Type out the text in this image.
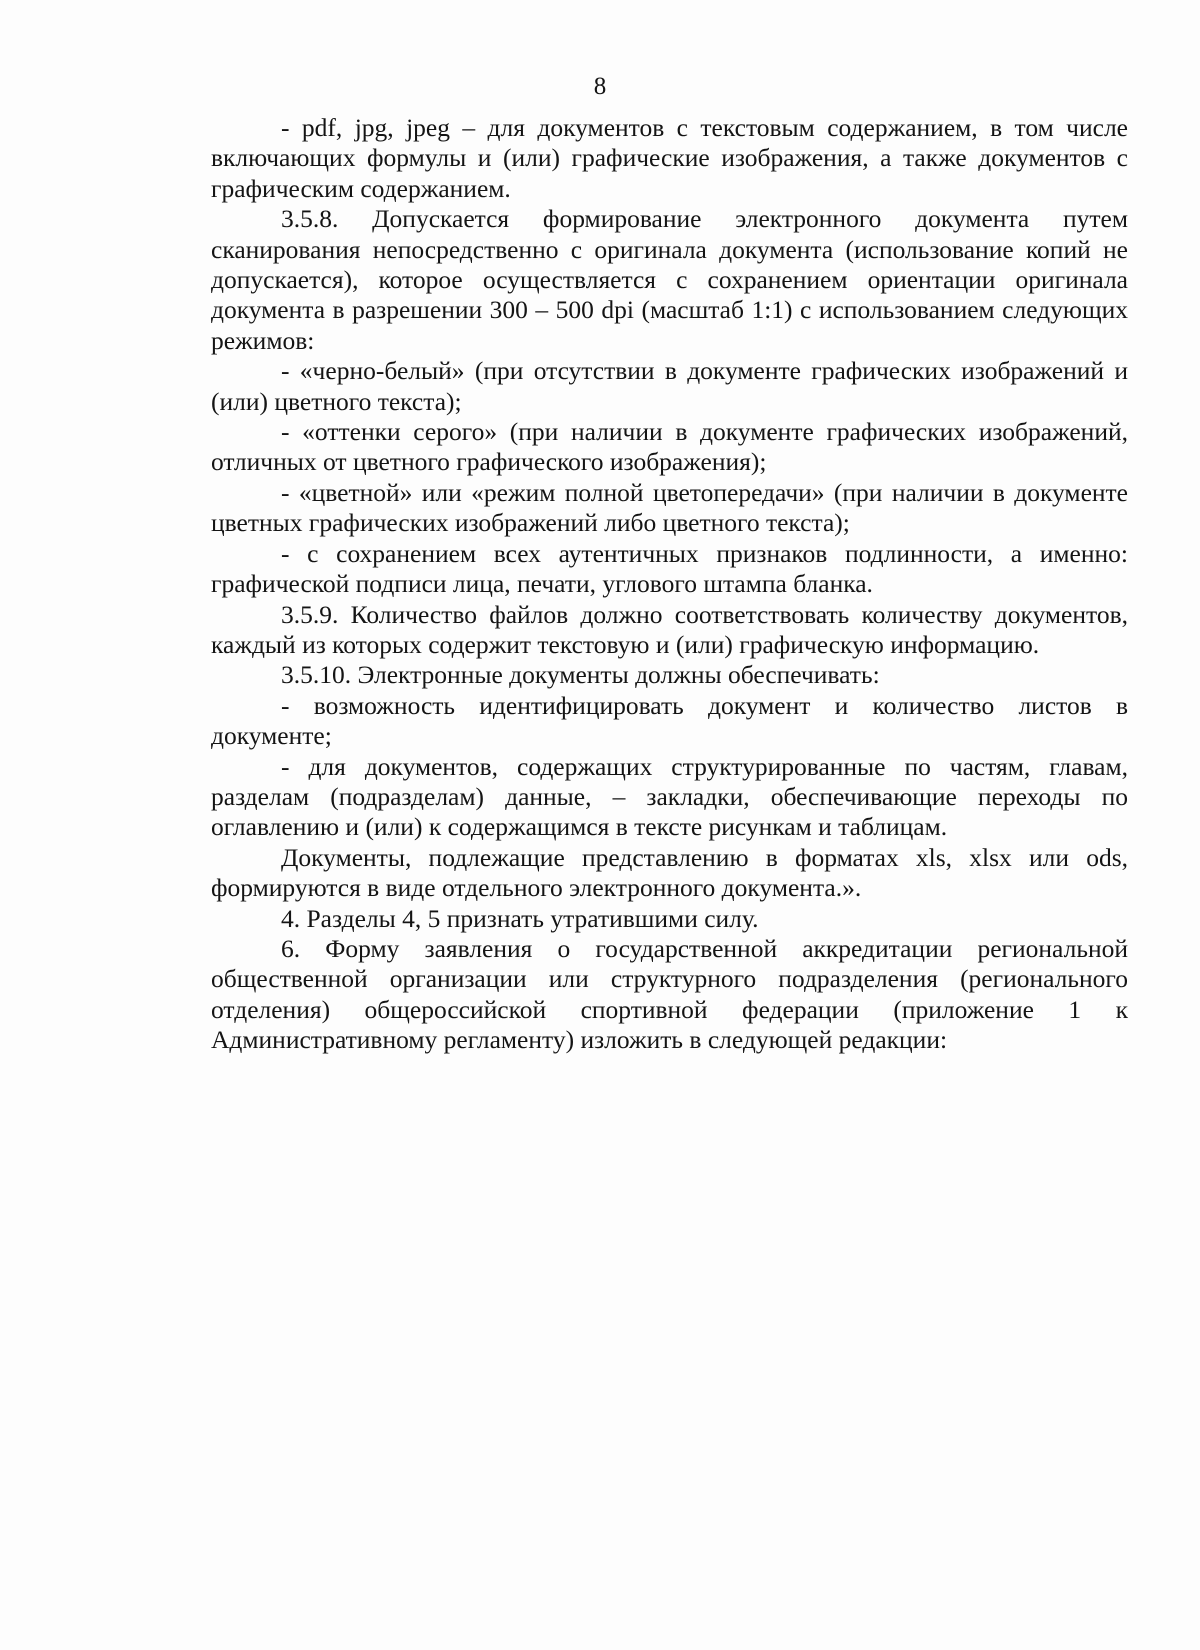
8

- pdf, jpg, jpeg – для документов с текстовым содержанием, в том числе включающих формулы и (или) графические изображения, а также документов с графическим содержанием.

3.5.8. Допускается формирование электронного документа путем сканирования непосредственно с оригинала документа (использование копий не допускается), которое осуществляется с сохранением ориентации оригинала документа в разрешении 300 – 500 dpi (масштаб 1:1) с использованием следующих режимов:

- «черно-белый» (при отсутствии в документе графических изображений и (или) цветного текста);

- «оттенки серого» (при наличии в документе графических изображений, отличных от цветного графического изображения);

- «цветной» или «режим полной цветопередачи» (при наличии в документе цветных графических изображений либо цветного текста);

- с сохранением всех аутентичных признаков подлинности, а именно: графической подписи лица, печати, углового штампа бланка.

3.5.9. Количество файлов должно соответствовать количеству документов, каждый из которых содержит текстовую и (или) графическую информацию.

3.5.10. Электронные документы должны обеспечивать:

- возможность идентифицировать документ и количество листов в документе;

- для документов, содержащих структурированные по частям, главам, разделам (подразделам) данные, – закладки, обеспечивающие переходы по оглавлению и (или) к содержащимся в тексте рисункам и таблицам.

Документы, подлежащие представлению в форматах xls, xlsx или ods, формируются в виде отдельного электронного документа.».

4. Разделы 4, 5 признать утратившими силу.

6. Форму заявления о государственной аккредитации региональной общественной организации или структурного подразделения (регионального отделения) общероссийской спортивной федерации (приложение 1 к Административному регламенту) изложить в следующей редакции:
